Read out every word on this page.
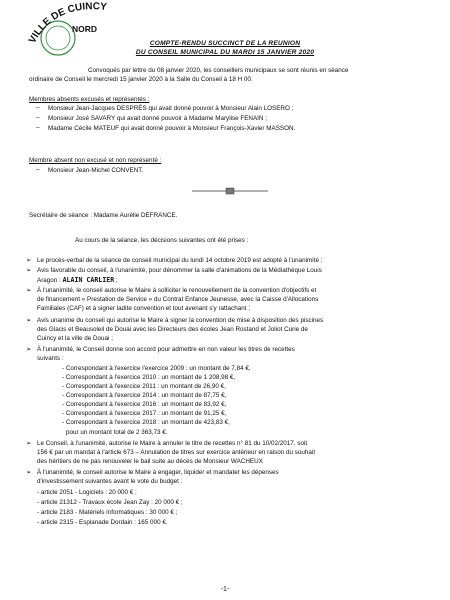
VILLE DE CUINCY
NORD
COMPTE-RENDU SUCCINCT DE LA REUNION
DU CONSEIL MUNICIPAL DU MARDI 15 JANVIER 2020
Convoqués par lettre du 08 janvier 2020, les conseillers municipaux se sont réunis en séance
ordinaire de Conseil le mercredi 15 janvier 2020 à la Salle du Conseil à 18 H 00.
Membres absents excusés et représentés :
– Monsieur Jean-Jacques DESPRÈS qui avait donné pouvoir à Monsieur Alain LOSERO ;
– Monsieur José SAVARY qui avait donné pouvoir à Madame Marylise FENAIN ;
– Madame Cécile MATEUF qui avait donné pouvoir à Monsieur François-Xavier MASSON.
Membre absent non excusé et non représenté :
– Monsieur Jean-Michel CONVENT.
Secrétaire de séance : Madame Aurélie DEFRANCE.
Au cours de la séance, les décisions suivantes ont été prises :
➢ Le procès-verbal de la séance de conseil municipal du lundi 14 octobre 2019 est adopté à l'unanimité ;
➢ Avis favorable du conseil, à l'unanimité, pour dénommer la salle d'animations de la Médiathèque Louis
Aragon : ALAIN CARLIER ;
➢ À l'unanimité, le conseil autorise le Maire à solliciter le renouvellement de la convention d'objectifs et
de financement « Prestation de Service » du Contrat Enfance Jeunesse, avec la Caisse d'Allocations
Familiales (CAF) et à signer ladite convention et tout avenant s'y rattachant ;
➢ Avis unanime du conseil qui autorise le Maire à signer la convention de mise à disposition des piscines
des Glacis et Beausoleil de Douai avec les Directeurs des écoles Jean Rostand et Joliot Curie de
Cuincy et la ville de Douai ;
➢ À l'unanimité, le Conseil donne son accord pour admettre en non valeur les titres de recettes
suivants :
- Correspondant à l'exercice l'exercice 2009 : un montant de 7,84 €,
- Correspondant à l'exercice 2010 : un montant de 1 208,98 €,
- Correspondant à l'exercice 2011 : un montant de 26,90 €,
- Correspondant à l'exercice 2014 : un montant de 87,75 €,
- Correspondant à l'exercice 2016 : un montant de 83,92 €,
- Correspondant à l'exercice 2017 : un montant de 91,25 €,
- Correspondant à l'exercice 2018 : un montant de 423,83 €,
pour un montant total de 2 363,73 €.
➢ Le Conseil, à l'unanimité, autorise le Maire à annuler le titre de recettes n° 81 du 10/02/2017, soit
156 € par un mandat à l'article 673 – Annulation de titres sur exercice antérieur en raison du souhait
des héritiers de ne pas renouveler le bail suite au décès de Monsieur WACHEUX
➢ À l'unanimité, le conseil autorise le Maire à engager, liquider et mandater les dépenses
d'investissement suivantes avant le vote du budget :
- article 2051 - Logiciels : 20 000 € ;
- article 21312 - Travaux école Jean Zay : 20 000 € ;
- article 2183 - Matériels informatiques : 30 000 € ;
- article 2315 - Esplanade Dordain : 165 000 €.
-1-
